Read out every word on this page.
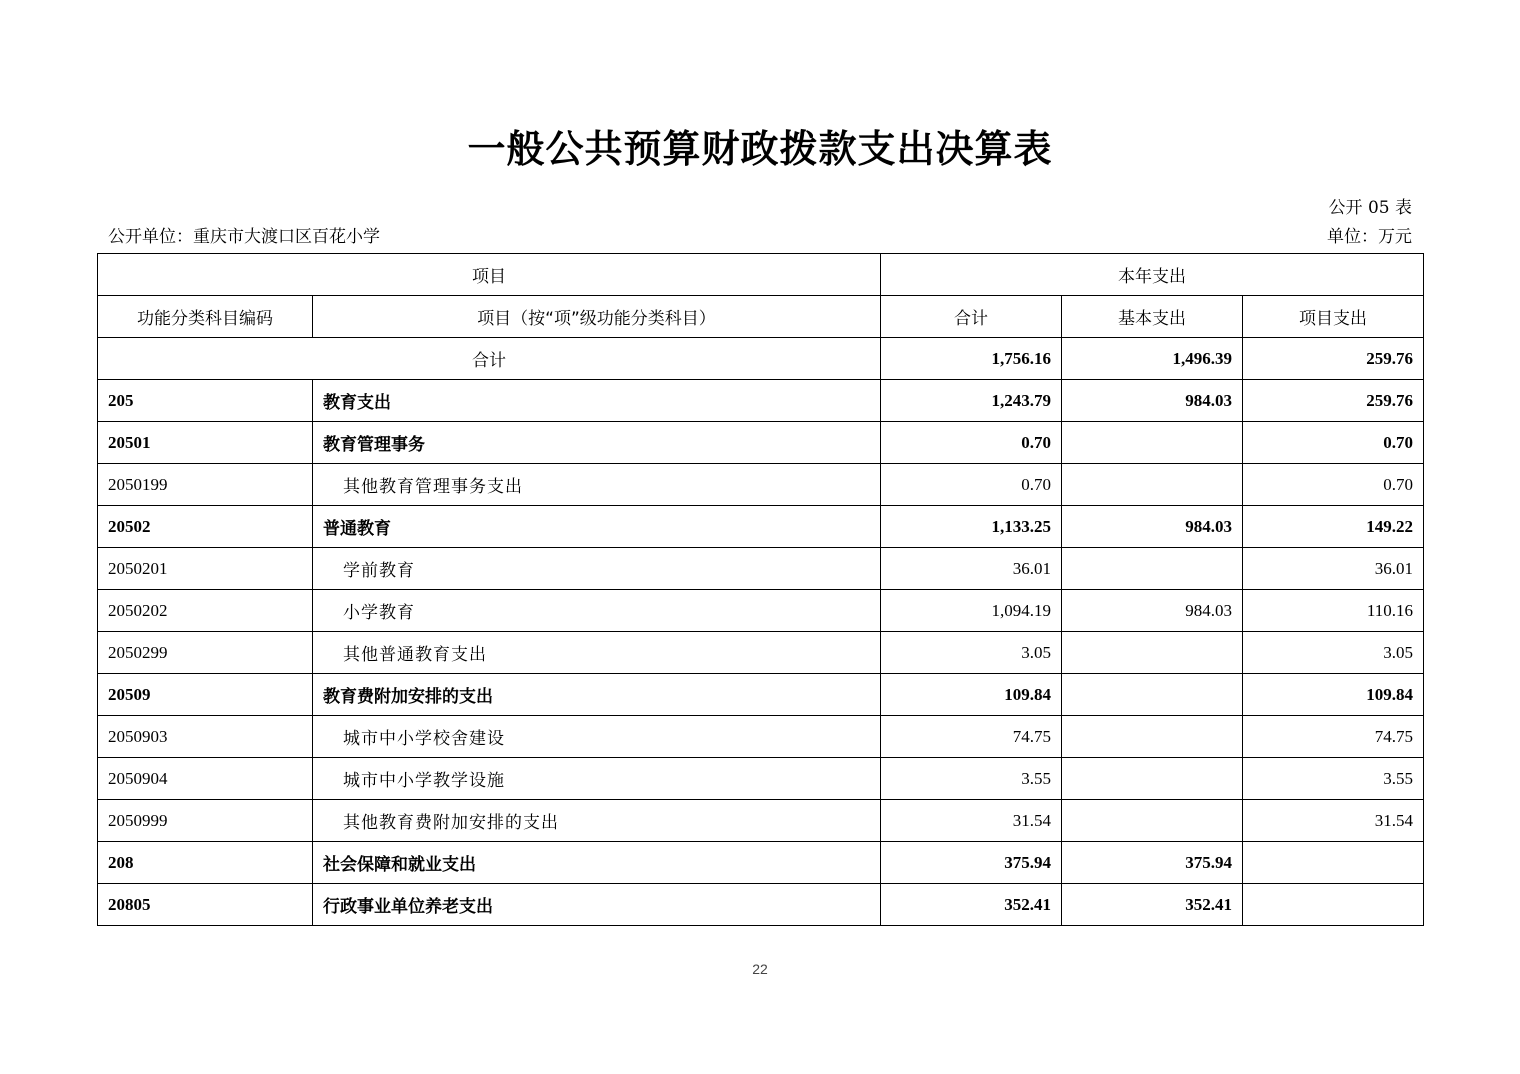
一般公共预算财政拨款支出决算表
公开 05 表
公开单位：重庆市大渡口区百花小学	单位：万元
项目		本年支出		
功能分类科目编码	项目（按“项”级功能分类科目）	合计	基本支出	项目支出
合计		1,756.16	1,496.39	259.76
205	教育支出	1,243.79	984.03	259.76
20501	教育管理事务	0.70		0.70
2050199	其他教育管理事务支出	0.70		0.70
20502	普通教育	1,133.25	984.03	149.22
2050201	学前教育	36.01		36.01
2050202	小学教育	1,094.19	984.03	110.16
2050299	其他普通教育支出	3.05		3.05
20509	教育费附加安排的支出	109.84		109.84
2050903	城市中小学校舍建设	74.75		74.75
2050904	城市中小学教学设施	3.55		3.55
2050999	其他教育费附加安排的支出	31.54		31.54
208	社会保障和就业支出	375.94	375.94	
20805	行政事业单位养老支出	352.41	352.41	
22
